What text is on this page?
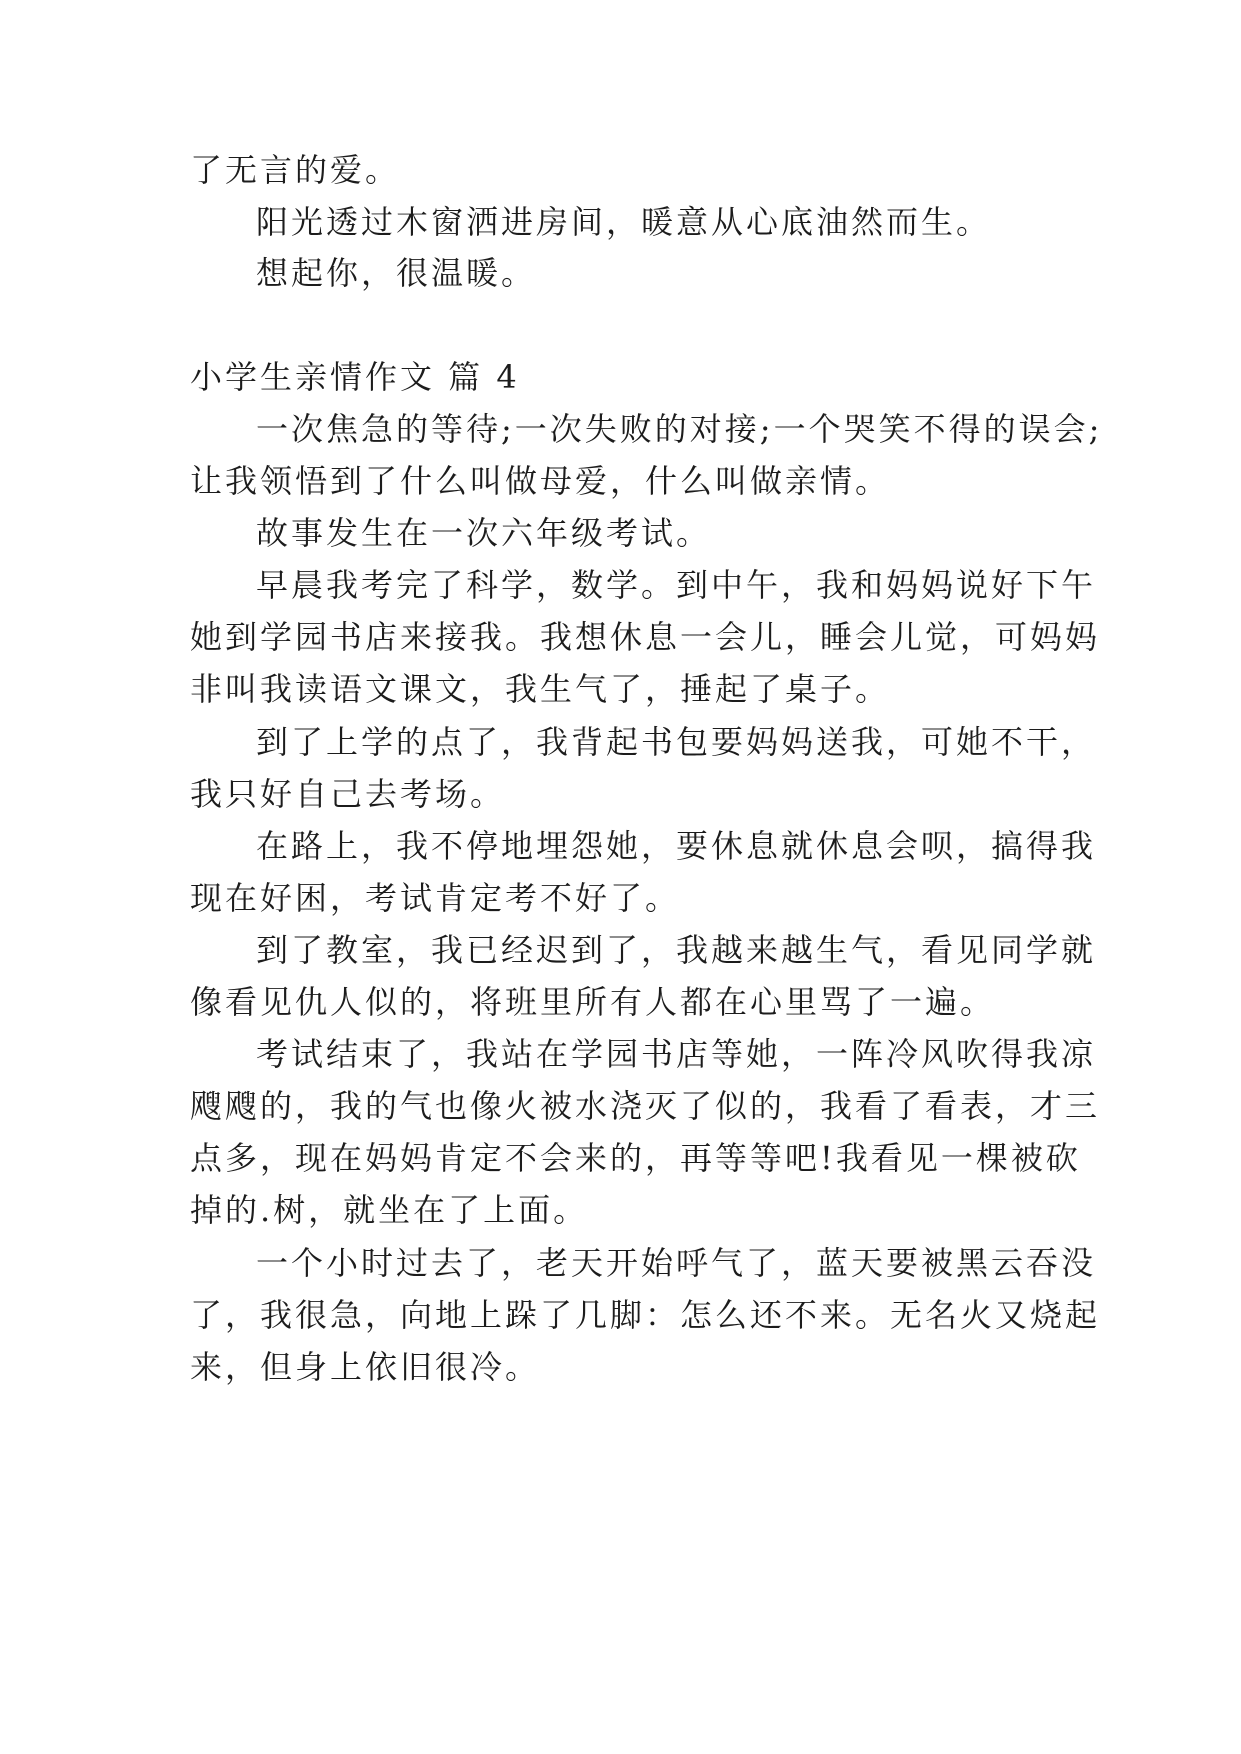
了无言的爱。
阳光透过木窗洒进房间，暖意从心底油然而生。
想起你，很温暖。
小学生亲情作文 篇 4
一次焦急的等待;一次失败的对接;一个哭笑不得的误会;
让我领悟到了什么叫做母爱，什么叫做亲情。
故事发生在一次六年级考试。
早晨我考完了科学，数学。到中午，我和妈妈说好下午
她到学园书店来接我。我想休息一会儿，睡会儿觉，可妈妈
非叫我读语文课文，我生气了，捶起了桌子。
到了上学的点了，我背起书包要妈妈送我，可她不干，
我只好自己去考场。
在路上，我不停地埋怨她，要休息就休息会呗，搞得我
现在好困，考试肯定考不好了。
到了教室，我已经迟到了，我越来越生气，看见同学就
像看见仇人似的，将班里所有人都在心里骂了一遍。
考试结束了，我站在学园书店等她，一阵冷风吹得我凉
飕飕的，我的气也像火被水浇灭了似的，我看了看表，才三
点多，现在妈妈肯定不会来的，再等等吧!我看见一棵被砍
掉的.树，就坐在了上面。
一个小时过去了，老天开始呼气了，蓝天要被黑云吞没
了，我很急，向地上跺了几脚：怎么还不来。无名火又烧起
来，但身上依旧很冷。
